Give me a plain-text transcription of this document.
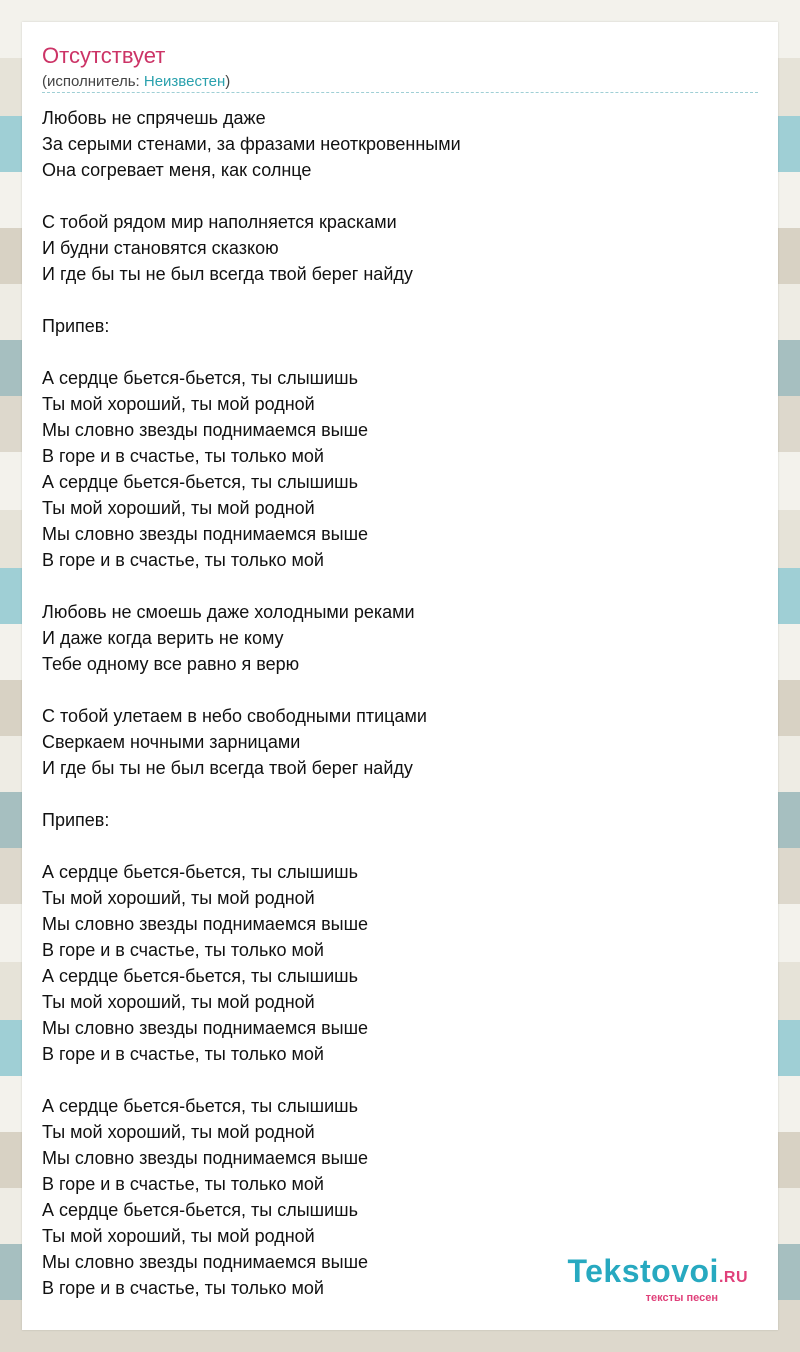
Отсутствует
(исполнитель: Неизвестен)
Любовь не спрячешь даже
За серыми стенами, за фразами неоткровенными
Она согревает меня, как солнце
С тобой рядом мир наполняется красками
И будни становятся сказкою
И где бы ты не был всегда твой берег найду
Припев:
А сердце бьется-бьется, ты слышишь
Ты мой хороший, ты мой родной
Мы словно звезды поднимаемся выше
В горе и в счастье, ты только мой
А сердце бьется-бьется, ты слышишь
Ты мой хороший, ты мой родной
Мы словно звезды поднимаемся выше
В горе и в счастье, ты только мой
Любовь не смоешь даже холодными реками
И даже когда верить не кому
Тебе одному все равно я верю
С тобой улетаем в небо свободными птицами
Сверкаем ночными зарницами
И где бы ты не был всегда твой берег найду
Припев:
А сердце бьется-бьется, ты слышишь
Ты мой хороший, ты мой родной
Мы словно звезды поднимаемся выше
В горе и в счастье, ты только мой
А сердце бьется-бьется, ты слышишь
Ты мой хороший, ты мой родной
Мы словно звезды поднимаемся выше
В горе и в счастье, ты только мой
А сердце бьется-бьется, ты слышишь
Ты мой хороший, ты мой родной
Мы словно звезды поднимаемся выше
В горе и в счастье, ты только мой
А сердце бьется-бьется, ты слышишь
Ты мой хороший, ты мой родной
Мы словно звезды поднимаемся выше
В горе и в счастье, ты только мой	Tekstovoi.RU
тексты песен
